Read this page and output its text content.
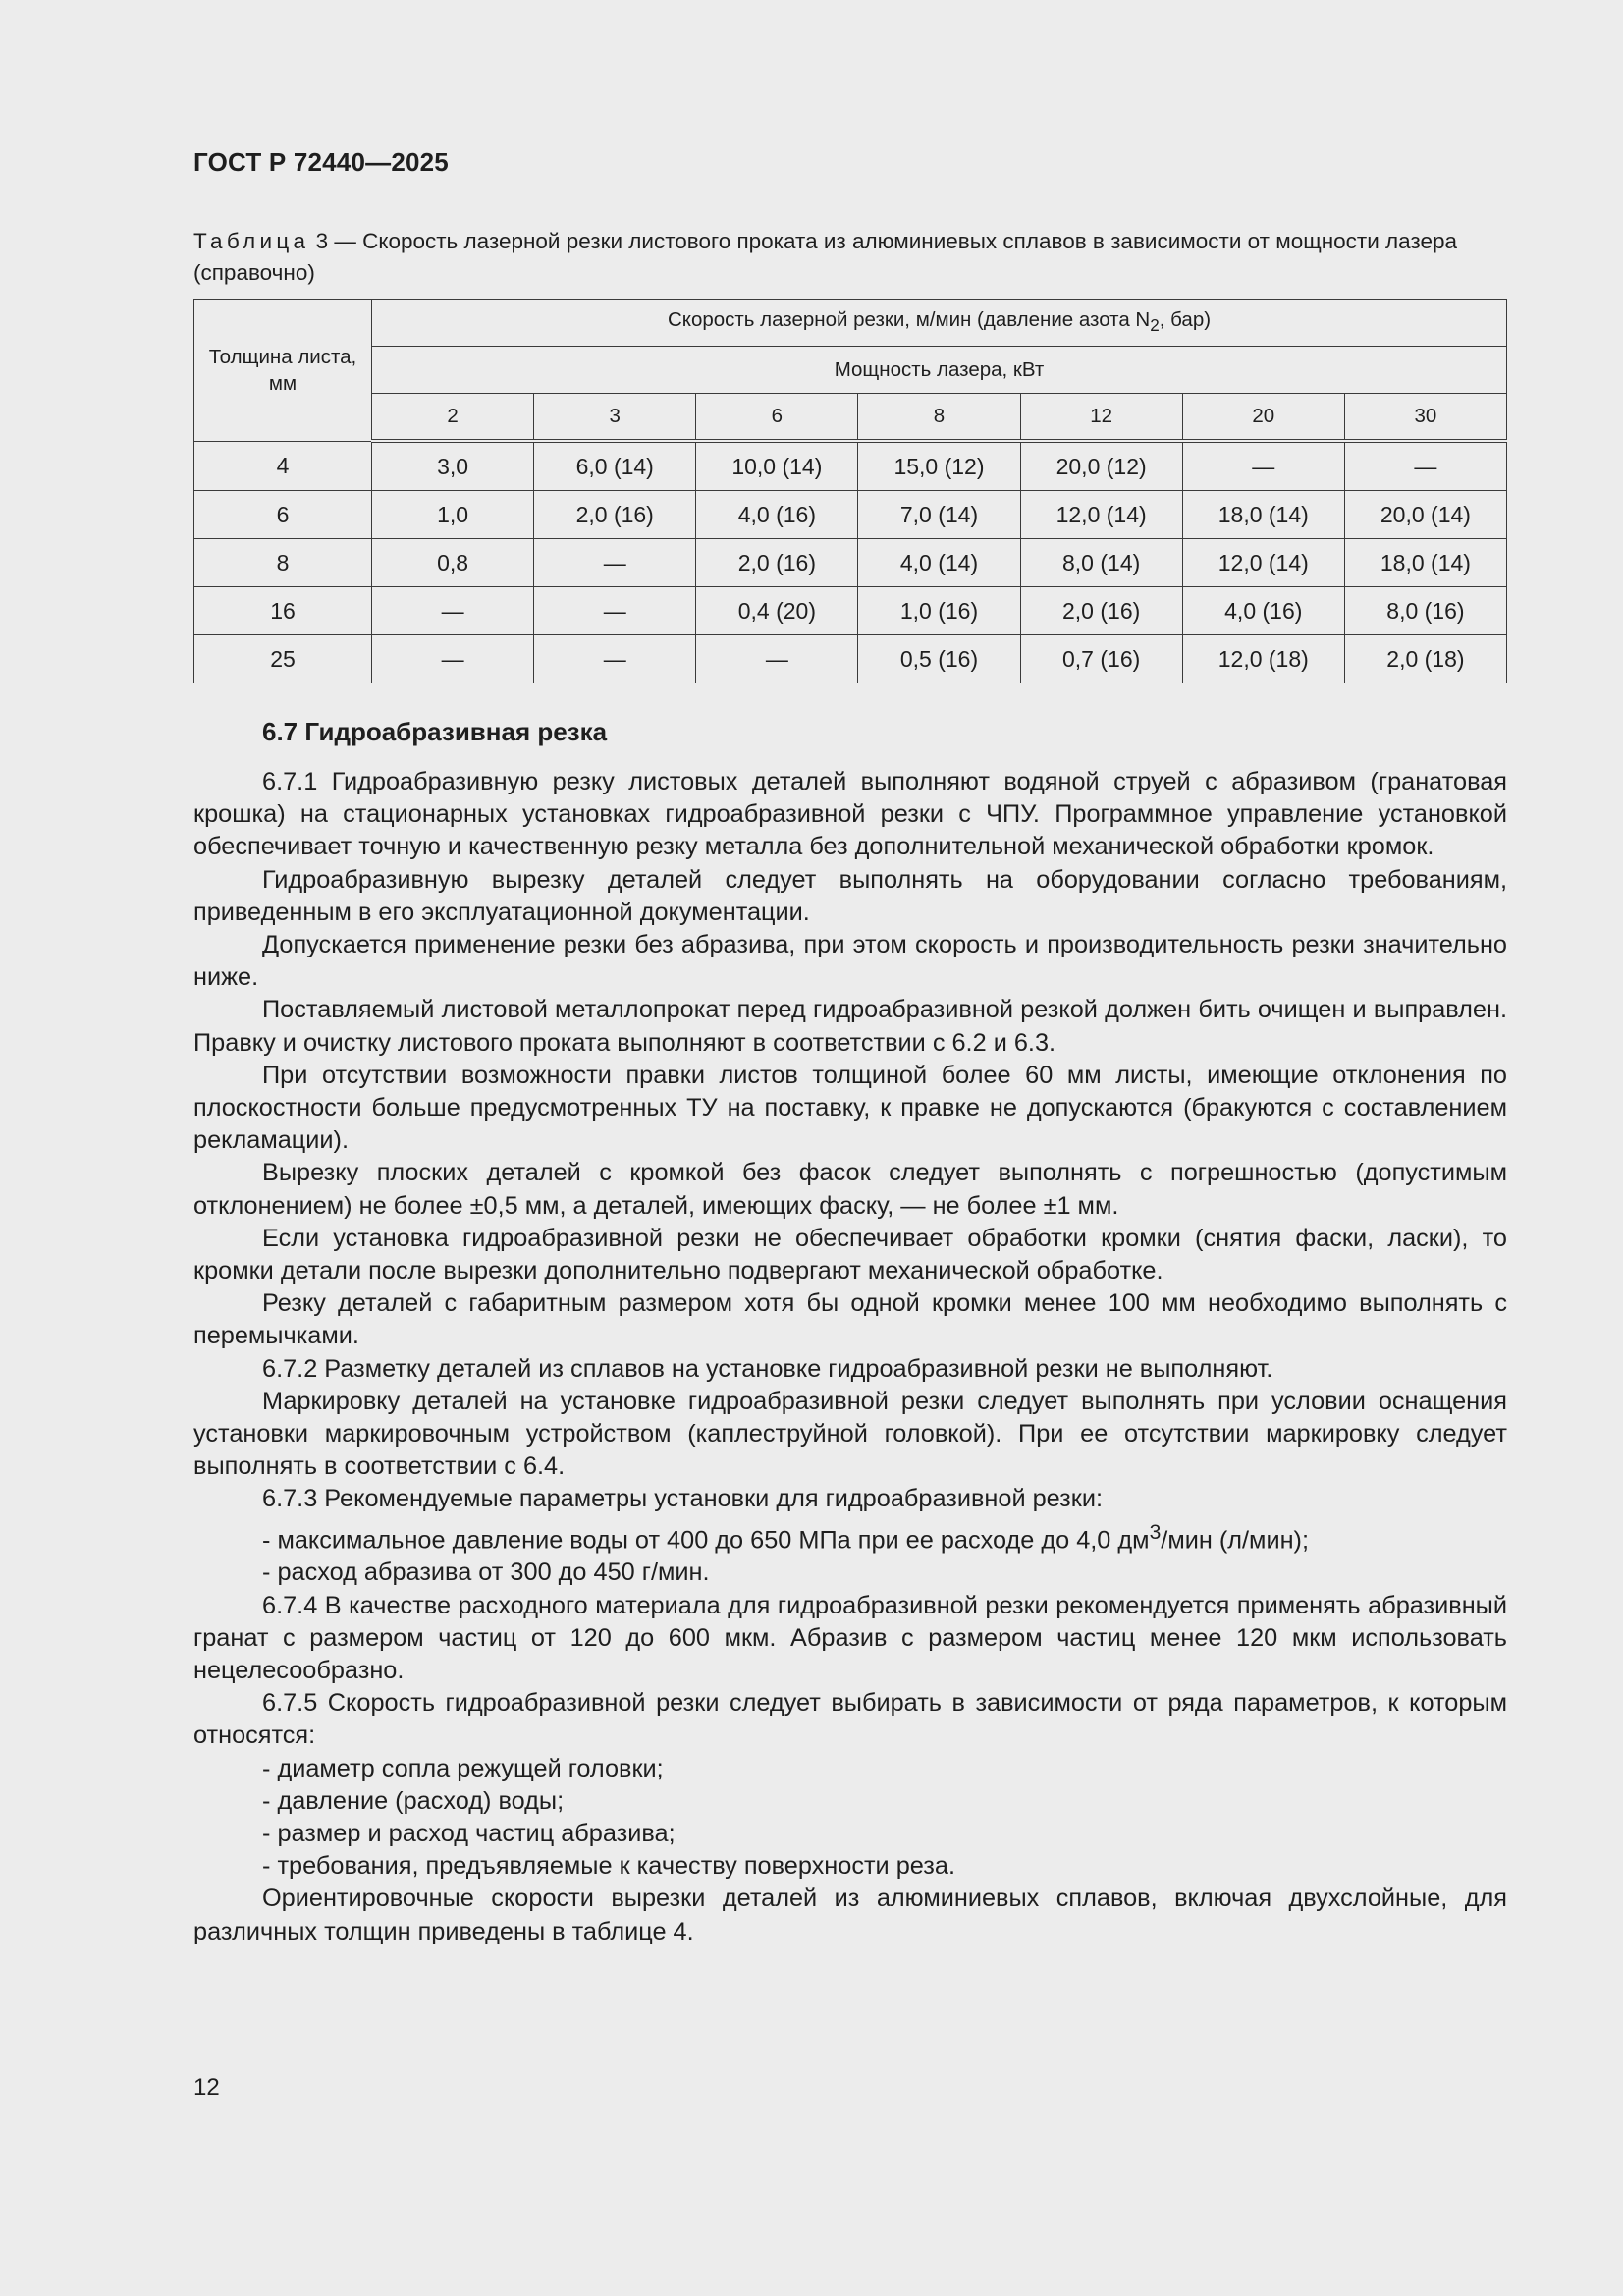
ГОСТ Р 72440—2025
Таблица 3 — Скорость лазерной резки листового проката из алюминиевых сплавов в зависимости от мощности лазера (справочно)
Толщина листа, мм	Скорость лазерной резки, м/мин (давление азота $N_2$, бар)						
	Мощность лазера, кВт						
	2	3	6	8	12	20	30
4	3,0	6,0 (14)	10,0 (14)	15,0 (12)	20,0 (12)	—	—
6	1,0	2,0 (16)	4,0 (16)	7,0 (14)	12,0 (14)	18,0 (14)	20,0 (14)
8	0,8	—	2,0 (16)	4,0 (14)	8,0 (14)	12,0 (14)	18,0 (14)
16	—	—	0,4 (20)	1,0 (16)	2,0 (16)	4,0 (16)	8,0 (16)
25	—	—	—	0,5 (16)	0,7 (16)	12,0 (18)	2,0 (18)
6.7 Гидроабразивная резка

6.7.1 Гидроабразивную резку листовых деталей выполняют водяной струей с абразивом (гранатовая крошка) на стационарных установках гидроабразивной резки с ЧПУ. Программное управление установкой обеспечивает точную и качественную резку металла без дополнительной механической обработки кромок.

Гидроабразивную вырезку деталей следует выполнять на оборудовании согласно требованиям, приведенным в его эксплуатационной документации.

Допускается применение резки без абразива, при этом скорость и производительность резки значительно ниже.

Поставляемый листовой металлопрокат перед гидроабразивной резкой должен бить очищен и выправлен. Правку и очистку листового проката выполняют в соответствии с 6.2 и 6.3.

При отсутствии возможности правки листов толщиной более 60 мм листы, имеющие отклонения по плоскостности больше предусмотренных ТУ на поставку, к правке не допускаются (бракуются с составлением рекламации).

Вырезку плоских деталей с кромкой без фасок следует выполнять с погрешностью (допустимым отклонением) не более ±0,5 мм, а деталей, имеющих фаску, — не более ±1 мм.

Если установка гидроабразивной резки не обеспечивает обработки кромки (снятия фаски, ласки), то кромки детали после вырезки дополнительно подвергают механической обработке.

Резку деталей с габаритным размером хотя бы одной кромки менее 100 мм необходимо выполнять с перемычками.

6.7.2 Разметку деталей из сплавов на установке гидроабразивной резки не выполняют.

Маркировку деталей на установке гидроабразивной резки следует выполнять при условии оснащения установки маркировочным устройством (каплеструйной головкой). При ее отсутствии маркировку следует выполнять в соответствии с 6.4.

6.7.3 Рекомендуемые параметры установки для гидроабразивной резки:

- максимальное давление воды от 400 до 650 МПа при ее расходе до 4,0 $дм^3$/мин (л/мин);

- расход абразива от 300 до 450 г/мин.

6.7.4 В качестве расходного материала для гидроабразивной резки рекомендуется применять абразивный гранат с размером частиц от 120 до 600 мкм. Абразив с размером частиц менее 120 мкм использовать нецелесообразно.

6.7.5 Скорость гидроабразивной резки следует выбирать в зависимости от ряда параметров, к которым относятся:

- диаметр сопла режущей головки;

- давление (расход) воды;

- размер и расход частиц абразива;

- требования, предъявляемые к качеству поверхности реза.

Ориентировочные скорости вырезки деталей из алюминиевых сплавов, включая двухслойные, для различных толщин приведены в таблице 4.

12
